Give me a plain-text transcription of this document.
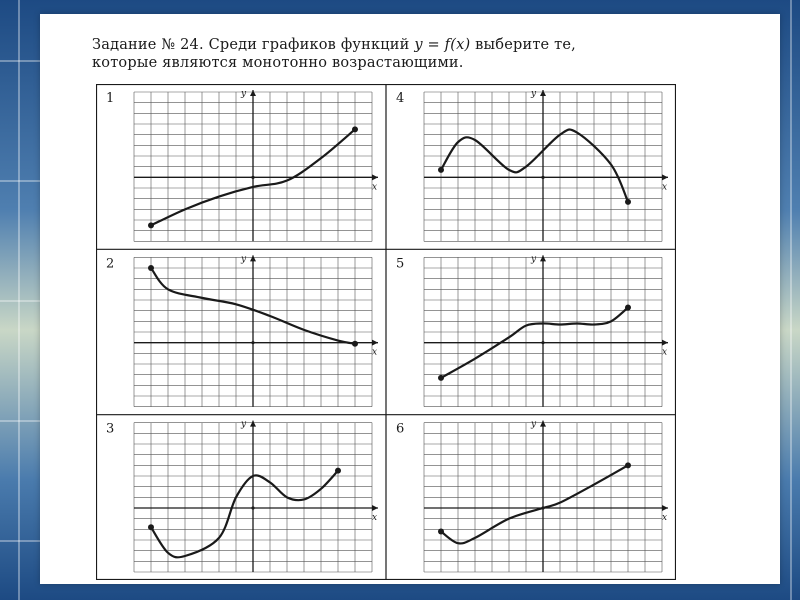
Задание № 24. Среди графиков функций y = f(x) выберите те,
которые являются монотонно возрастающими.
1
x
y
2
x
y
3
x
y
4
x
y
5
x
y
6
x
y
